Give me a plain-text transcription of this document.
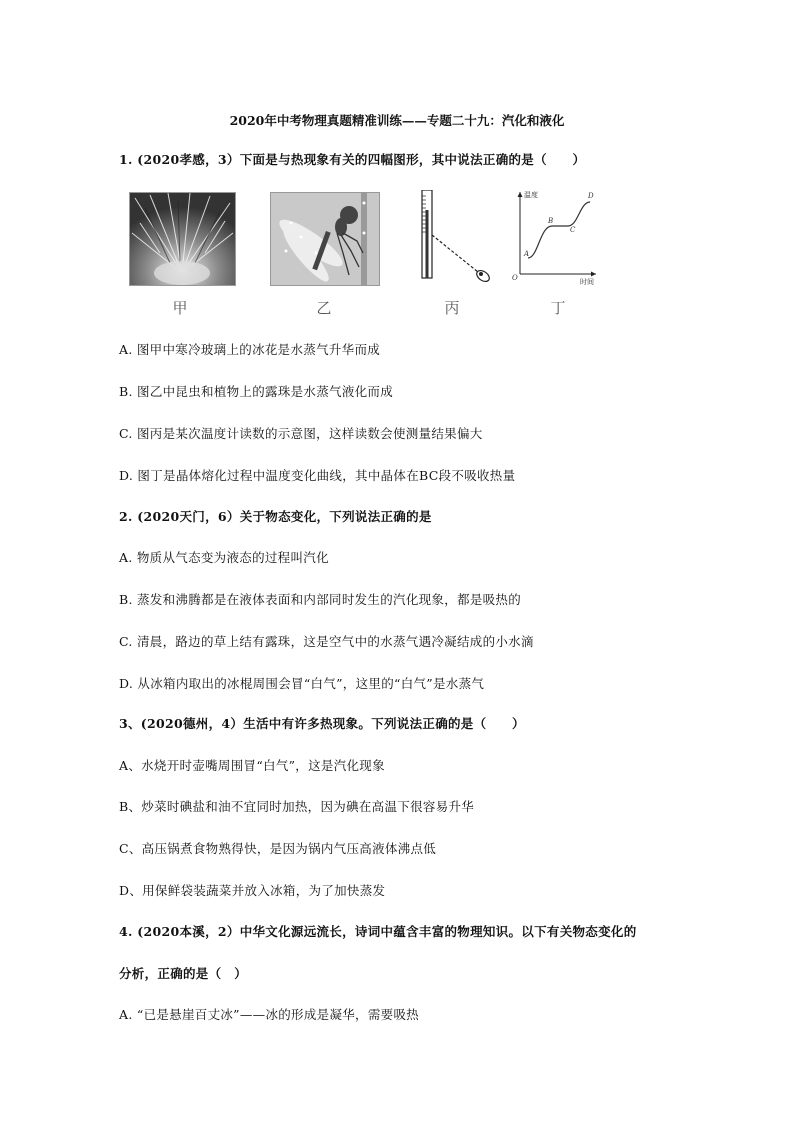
2020年中考物理真题精准训练——专题二十九：汽化和液化
1. (2020孝感，3）下面是与热现象有关的四幅图形，其中说法正确的是（　　）
甲	乙	丙
温度
时间
O
A
B
C
D
丁
A. 图甲中寒冷玻璃上的冰花是水蒸气升华而成
B. 图乙中昆虫和植物上的露珠是水蒸气液化而成
C. 图丙是某次温度计读数的示意图，这样读数会使测量结果偏大
D. 图丁是晶体熔化过程中温度变化曲线，其中晶体在BC段不吸收热量
2. (2020天门，6）关于物态变化，下列说法正确的是
A. 物质从气态变为液态的过程叫汽化
B. 蒸发和沸腾都是在液体表面和内部同时发生的汽化现象，都是吸热的
C. 清晨，路边的草上结有露珠，这是空气中的水蒸气遇冷凝结成的小水滴
D. 从冰箱内取出的冰棍周围会冒“白气”，这里的“白气”是水蒸气
3、(2020德州，4）生活中有许多热现象。下列说法正确的是（　　）
A、水烧开时壶嘴周围冒“白气”，这是汽化现象
B、炒菜时碘盐和油不宜同时加热，因为碘在高温下很容易升华
C、高压锅煮食物熟得快，是因为锅内气压高液体沸点低
D、用保鲜袋装蔬菜并放入冰箱，为了加快蒸发
4. (2020本溪，2）中华文化源远流长，诗词中蕴含丰富的物理知识。以下有关物态变化的
分析，正确的是（　）
A. “已是悬崖百丈冰”——冰的形成是凝华，需要吸热
